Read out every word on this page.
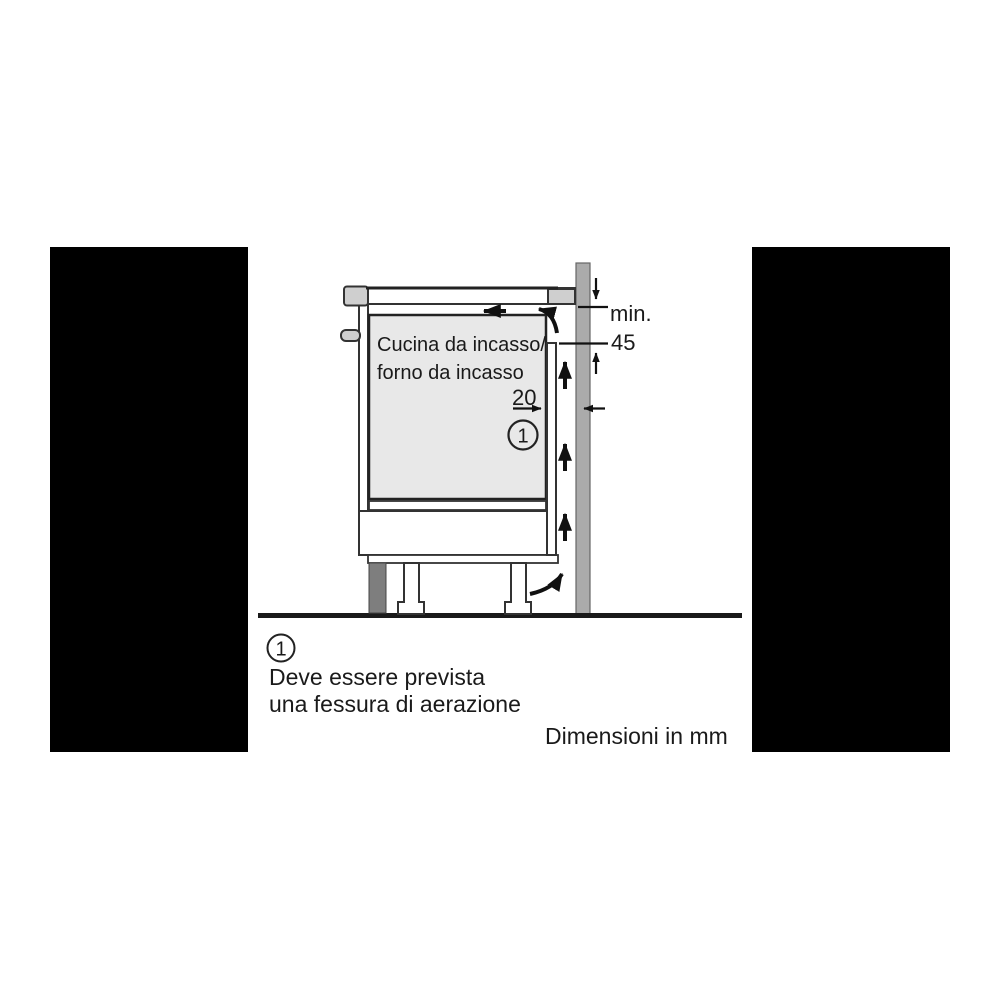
Cucina da incasso/
forno da incasso
min.
45
20
1
1
Deve essere prevista
una fessura di aerazione
Dimensioni in mm
